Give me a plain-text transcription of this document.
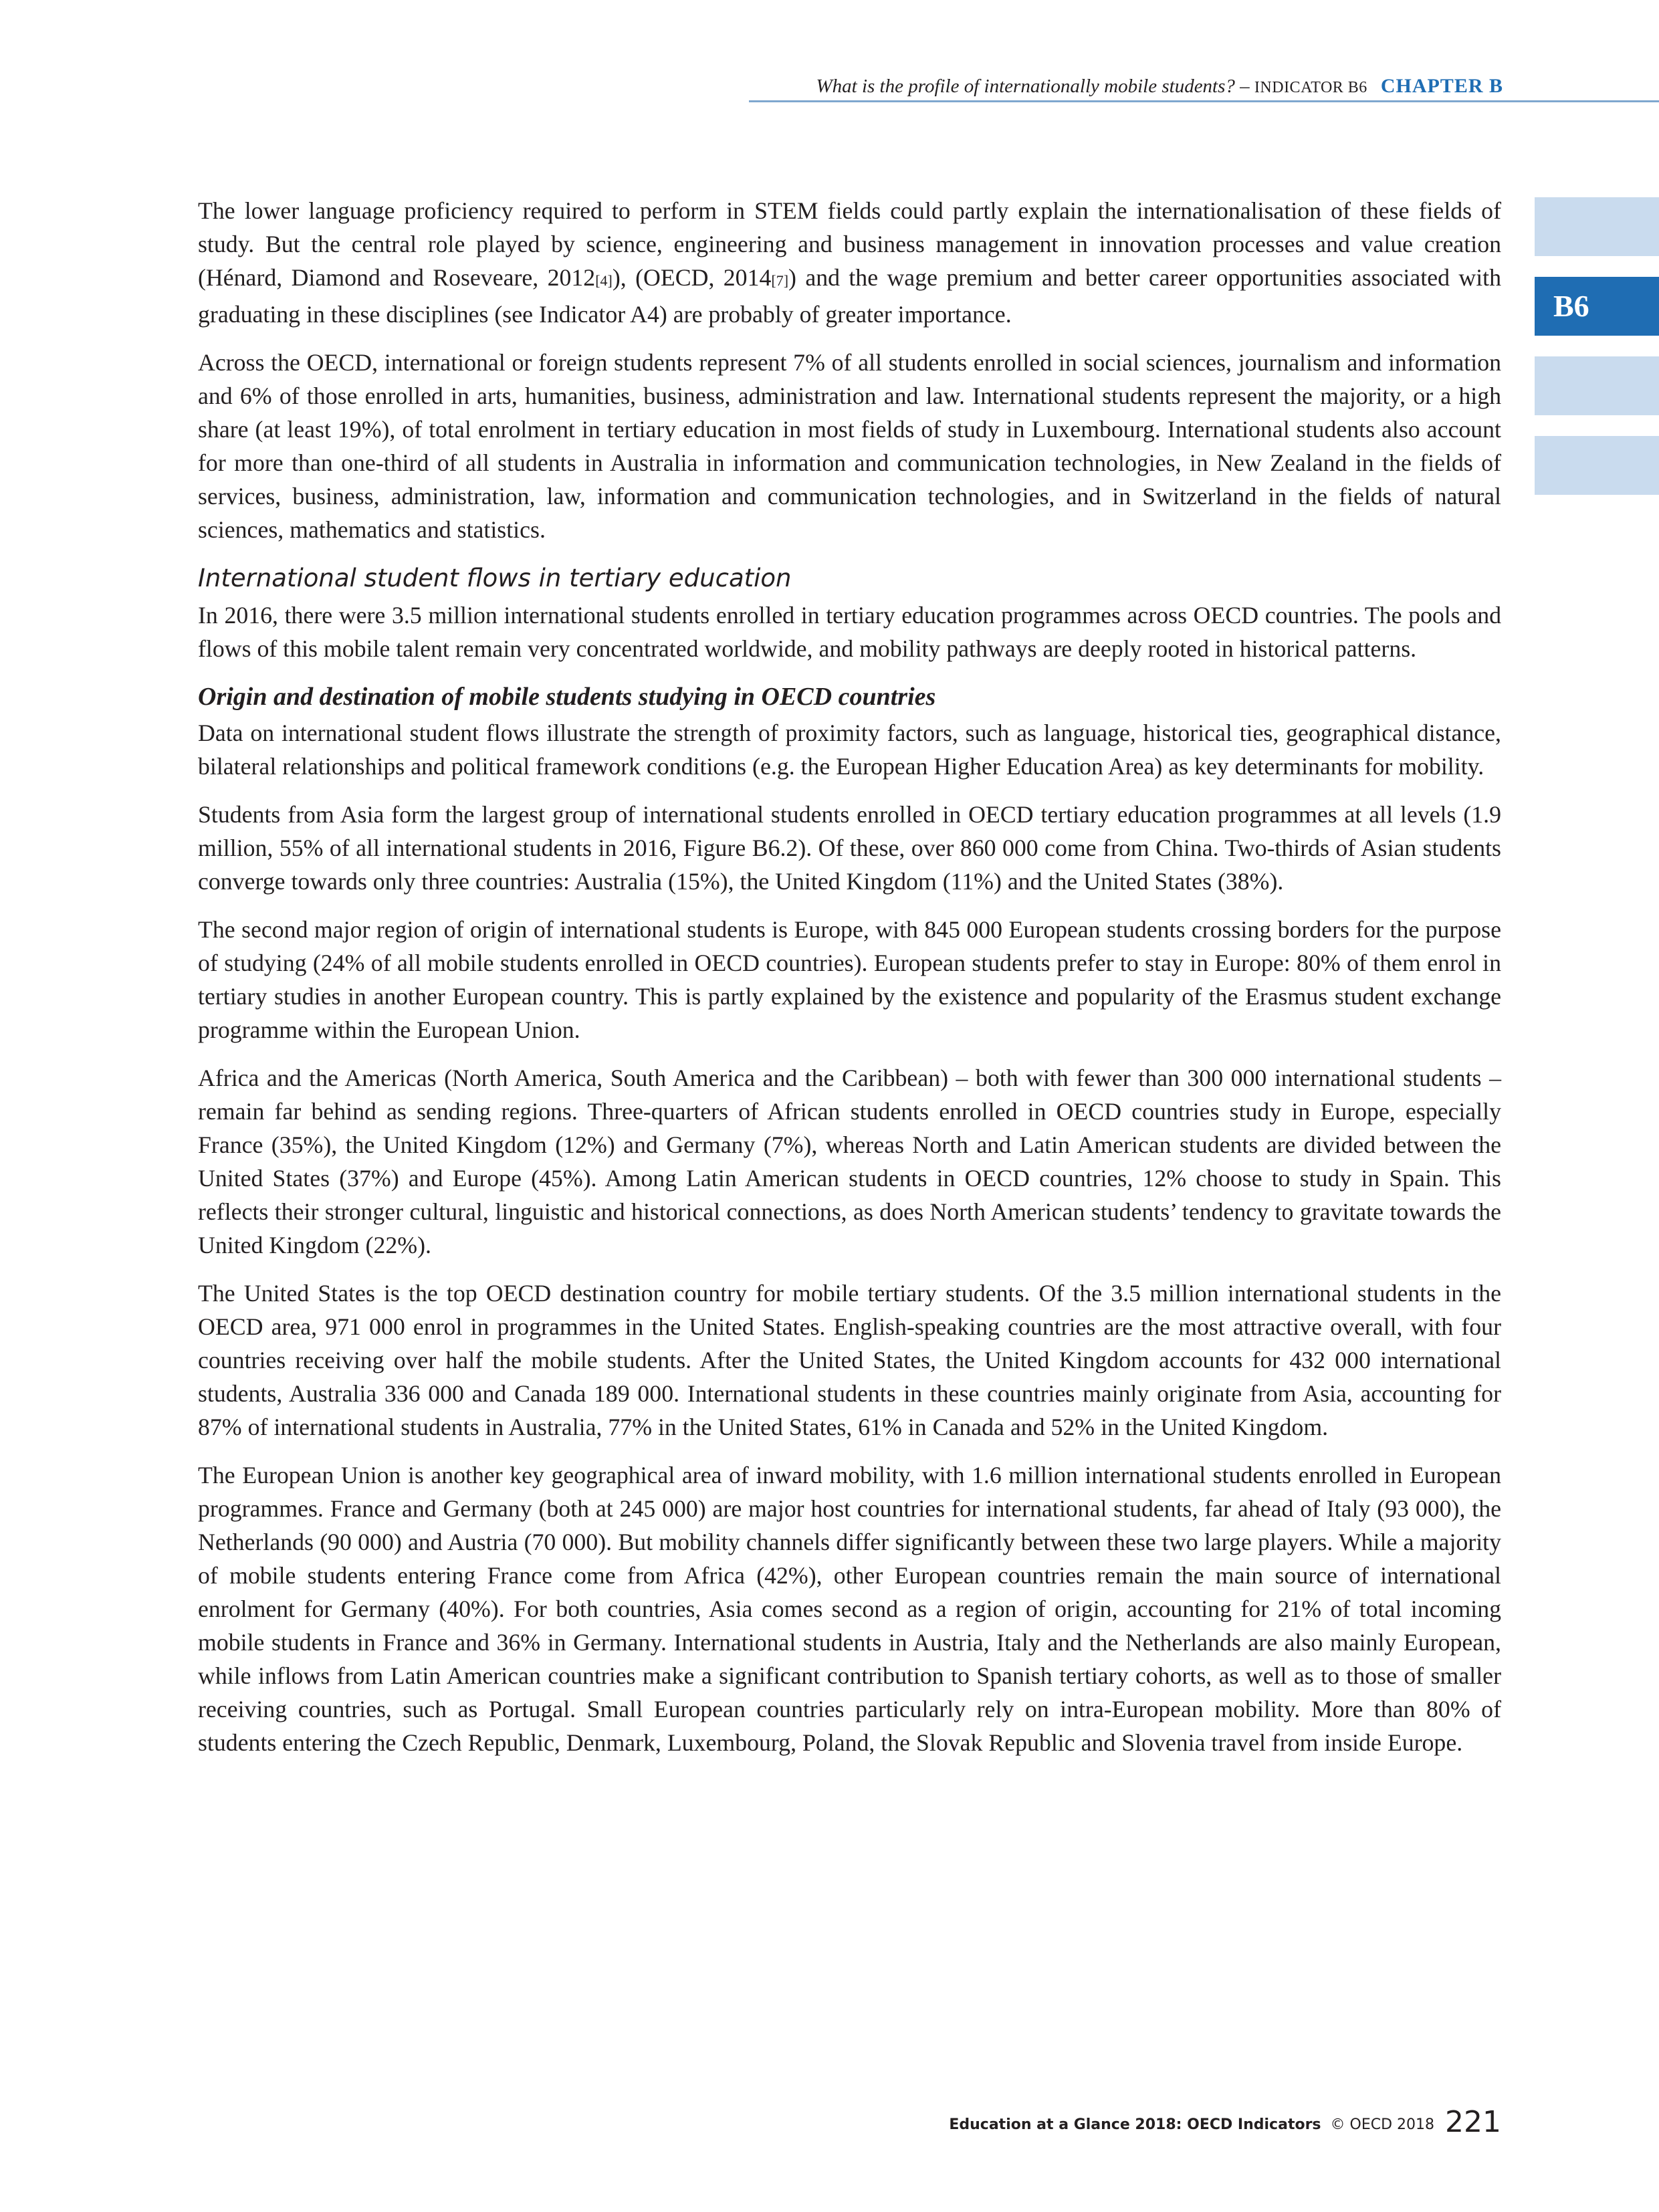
What is the profile of internationally mobile students? – INDICATOR B6 CHAPTER B
B6

The lower language proficiency required to perform in STEM fields could partly explain the internationalisation of these fields of study. But the central role played by science, engineering and business management in innovation processes and value creation (Hénard, Diamond and Roseveare, 2012[4]), (OECD, 2014[7]) and the wage premium and better career opportunities associated with graduating in these disciplines (see Indicator A4) are probably of greater importance.

Across the OECD, international or foreign students represent 7% of all students enrolled in social sciences, journalism and information and 6% of those enrolled in arts, humanities, business, administration and law. International students represent the majority, or a high share (at least 19%), of total enrolment in tertiary education in most fields of study in Luxembourg. International students also account for more than one-third of all students in Australia in information and communication technologies, in New Zealand in the fields of services, business, administration, law, information and communication technologies, and in Switzerland in the fields of natural sciences, mathematics and statistics.

International student flows in tertiary education

In 2016, there were 3.5 million international students enrolled in tertiary education programmes across OECD countries. The pools and flows of this mobile talent remain very concentrated worldwide, and mobility pathways are deeply rooted in historical patterns.

Origin and destination of mobile students studying in OECD countries

Data on international student flows illustrate the strength of proximity factors, such as language, historical ties, geographical distance, bilateral relationships and political framework conditions (e.g. the European Higher Education Area) as key determinants for mobility.

Students from Asia form the largest group of international students enrolled in OECD tertiary education programmes at all levels (1.9 million, 55% of all international students in 2016, Figure B6.2). Of these, over 860 000 come from China. Two-thirds of Asian students converge towards only three countries: Australia (15%), the United Kingdom (11%) and the United States (38%).

The second major region of origin of international students is Europe, with 845 000 European students crossing borders for the purpose of studying (24% of all mobile students enrolled in OECD countries). European students prefer to stay in Europe: 80% of them enrol in tertiary studies in another European country. This is partly explained by the existence and popularity of the Erasmus student exchange programme within the European Union.

Africa and the Americas (North America, South America and the Caribbean) – both with fewer than 300 000 international students – remain far behind as sending regions. Three-quarters of African students enrolled in OECD countries study in Europe, especially France (35%), the United Kingdom (12%) and Germany (7%), whereas North and Latin American students are divided between the United States (37%) and Europe (45%). Among Latin American students in OECD countries, 12% choose to study in Spain. This reflects their stronger cultural, linguistic and historical connections, as does North American students’ tendency to gravitate towards the United Kingdom (22%).

The United States is the top OECD destination country for mobile tertiary students. Of the 3.5 million international students in the OECD area, 971 000 enrol in programmes in the United States. English-speaking countries are the most attractive overall, with four countries receiving over half the mobile students. After the United States, the United Kingdom accounts for 432 000 international students, Australia 336 000 and Canada 189 000. International students in these countries mainly originate from Asia, accounting for 87% of international students in Australia, 77% in the United States, 61% in Canada and 52% in the United Kingdom.

The European Union is another key geographical area of inward mobility, with 1.6 million international students enrolled in European programmes. France and Germany (both at 245 000) are major host countries for international students, far ahead of Italy (93 000), the Netherlands (90 000) and Austria (70 000). But mobility channels differ significantly between these two large players. While a majority of mobile students entering France come from Africa (42%), other European countries remain the main source of international enrolment for Germany (40%). For both countries, Asia comes second as a region of origin, accounting for 21% of total incoming mobile students in France and 36% in Germany. International students in Austria, Italy and the Netherlands are also mainly European, while inflows from Latin American countries make a significant contribution to Spanish tertiary cohorts, as well as to those of smaller receiving countries, such as Portugal. Small European countries particularly rely on intra-European mobility. More than 80% of students entering the Czech Republic, Denmark, Luxembourg, Poland, the Slovak Republic and Slovenia travel from inside Europe.

Education at a Glance 2018: OECD Indicators © OECD 2018 221
